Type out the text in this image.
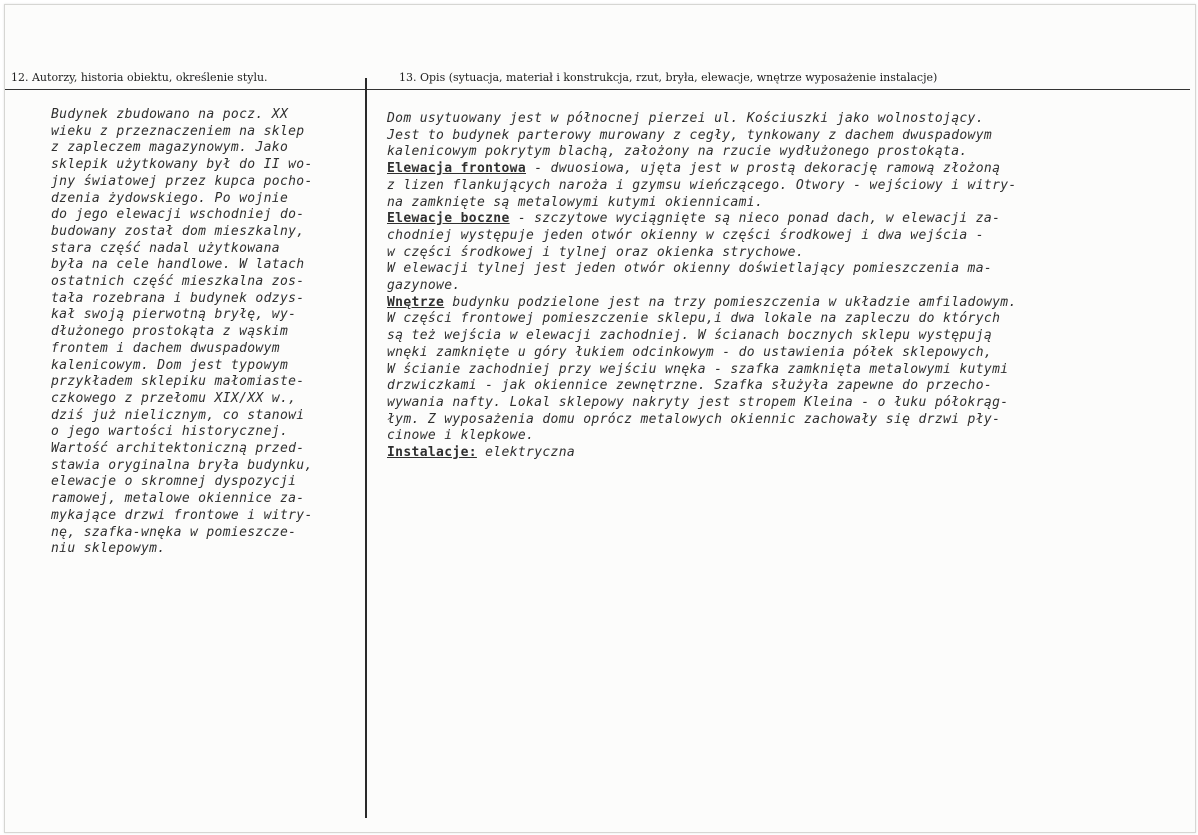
12. Autorzy, historia obiektu, określenie stylu.	13. Opis (sytuacja, materiał i konstrukcja, rzut, bryła, elewacje, wnętrze wyposażenie instalacje)
Budynek zbudowano na pocz. XX
wieku z przeznaczeniem na sklep
z zapleczem magazynowym. Jako
sklepik użytkowany był do II wo-
jny światowej przez kupca pocho-
dzenia żydowskiego. Po wojnie
do jego elewacji wschodniej do-
budowany został dom mieszkalny,
stara część nadal użytkowana
była na cele handlowe. W latach
ostatnich część mieszkalna zos-
tała rozebrana i budynek odzys-
kał swoją pierwotną bryłę, wy-
dłużonego prostokąta z wąskim
frontem i dachem dwuspadowym
kalenicowym. Dom jest typowym
przykładem sklepiku małomiaste-
czkowego z przełomu XIX/XX w.,
dziś już nielicznym, co stanowi
o jego wartości historycznej.
Wartość architektoniczną przed-
stawia oryginalna bryła budynku,
elewacje o skromnej dyspozycji
ramowej, metalowe okiennice za-
mykające drzwi frontowe i witry-
nę, szafka-wnęka w pomieszcze-
niu sklepowym.
Dom usytuowany jest w północnej pierzei ul. Kościuszki jako wolnostojący.
Jest to budynek parterowy murowany z cegły, tynkowany z dachem dwuspadowym
kalenicowym pokrytym blachą, założony na rzucie wydłużonego prostokąta.
Elewacja frontowa - dwuosiowa, ujęta jest w prostą dekorację ramową złożoną
z lizen flankujących naroża i gzymsu wieńczącego. Otwory - wejściowy i witry-
na zamknięte są metalowymi kutymi okiennicami.
Elewacje boczne - szczytowe wyciągnięte są nieco ponad dach, w elewacji za-
chodniej występuje jeden otwór okienny w części środkowej i dwa wejścia -
w części środkowej i tylnej oraz okienka strychowe.
W elewacji tylnej jest jeden otwór okienny doświetlający pomieszczenia ma-
gazynowe.
Wnętrze budynku podzielone jest na trzy pomieszczenia w układzie amfiladowym.
W części frontowej pomieszczenie sklepu,i dwa lokale na zapleczu do których
są też wejścia w elewacji zachodniej. W ścianach bocznych sklepu występują
wnęki zamknięte u góry łukiem odcinkowym - do ustawienia półek sklepowych,
W ścianie zachodniej przy wejściu wnęka - szafka zamknięta metalowymi kutymi
drzwiczkami - jak okiennice zewnętrzne. Szafka służyła zapewne do przecho-
wywania nafty. Lokal sklepowy nakryty jest stropem Kleina - o łuku półokrąg-
łym. Z wyposażenia domu oprócz metalowych okiennic zachowały się drzwi pły-
cinowe i klepkowe.
Instalacje: elektryczna
